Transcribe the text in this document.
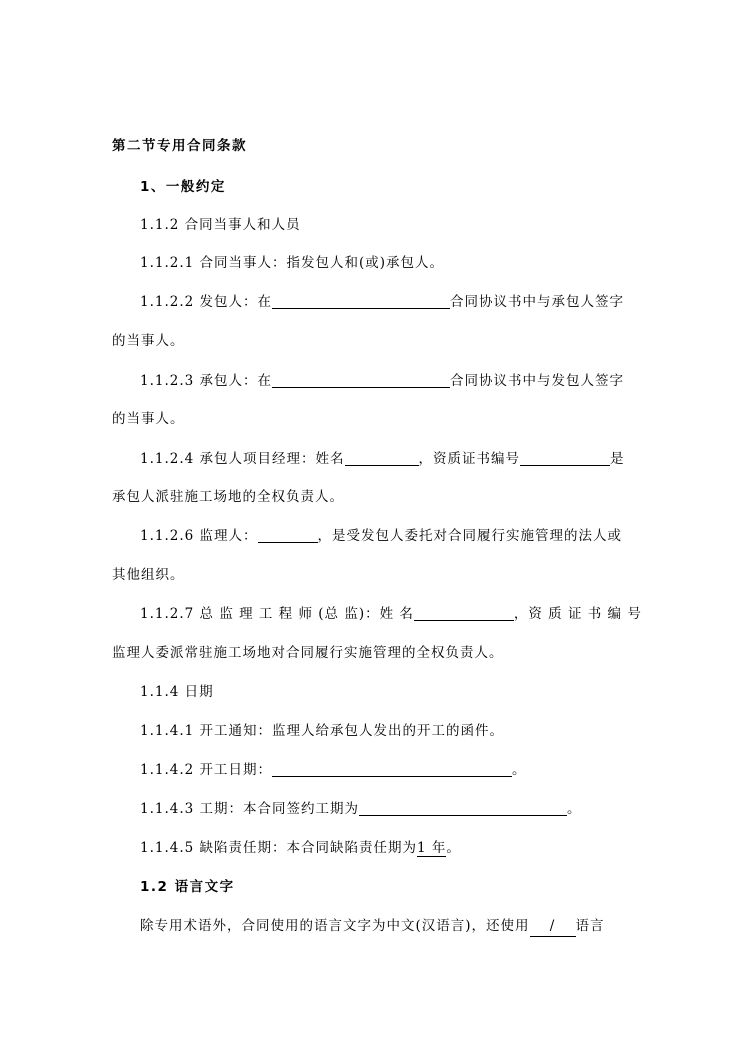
第二节专用合同条款
1、一般约定
1.1.2 合同当事人和人员
1.1.2.1 合同当事人：指发包人和(或)承包人。
1.1.2.2 发包人：在	合同协议书中与承包人签字
的当事人。
1.1.2.3 承包人：在	合同协议书中与发包人签字
的当事人。
1.1.2.4 承包人项目经理：姓名	，资质证书编号	是
承包人派驻施工场地的全权负责人。
1.1.2.6 监理人：	，是受发包人委托对合同履行实施管理的法人或
其他组织。
1.1.2.7 总 监 理 工 程 师 (总 监)：姓 名	，资 质 证 书 编 号
监理人委派常驻施工场地对合同履行实施管理的全权负责人。
1.1.4 日期
1.1.4.1 开工通知：监理人给承包人发出的开工的函件。
1.1.4.2 开工日期：	。
1.1.4.3 工期：本合同签约工期为	。
1.1.4.5 缺陷责任期：本合同缺陷责任期为1 年。
1.2 语言文字
除专用术语外，合同使用的语言文字为中文(汉语言)，还使用 / 语言
